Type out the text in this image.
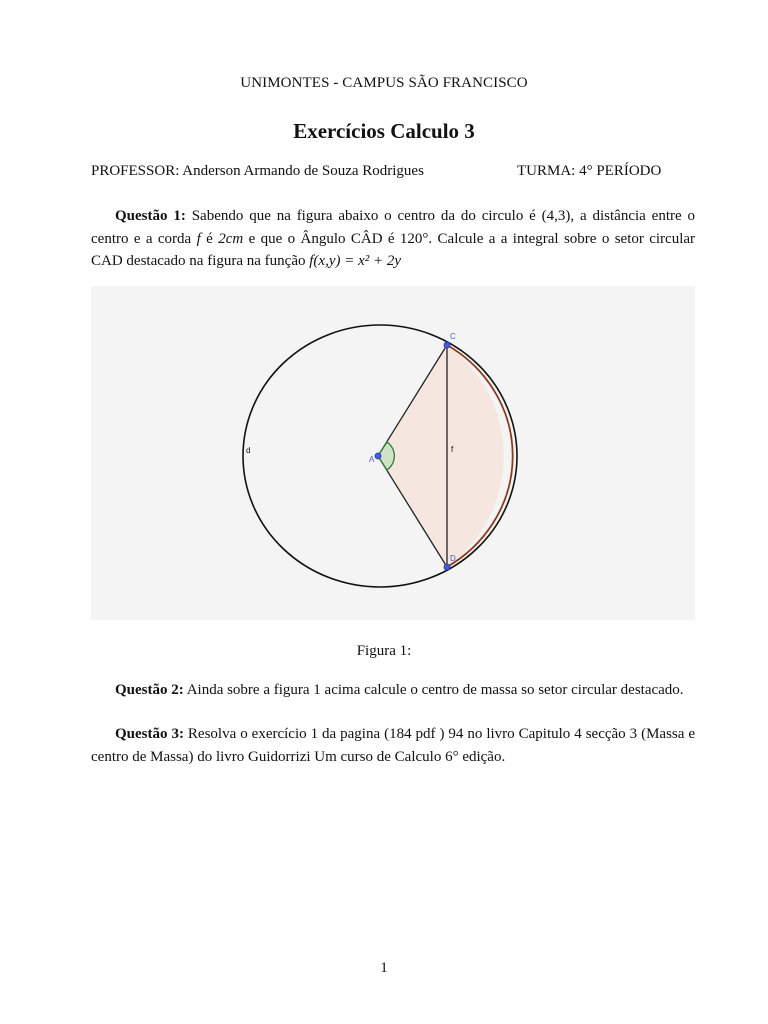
UNIMONTES - CAMPUS SÃO FRANCISCO
Exercícios Calculo 3
PROFESSOR: Anderson Armando de Souza Rodrigues	TURMA: 4° PERÍODO
Questão 1: Sabendo que na figura abaixo o centro da do circulo é (4,3), a distância entre o centro e a corda f é 2cm e que o Ângulo CÂD é 120°. Calcule a a integral sobre o setor circular CAD destacado na figura na função f(x,y) = x² + 2y
C
D
A
f
d
Figura 1:
Questão 2: Ainda sobre a figura 1 acima calcule o centro de massa so setor circular destacado.
Questão 3: Resolva o exercício 1 da pagina (184 pdf ) 94 no livro Capitulo 4 secção 3 (Massa e centro de Massa) do livro Guidorrizi Um curso de Calculo 6° edição.
1
